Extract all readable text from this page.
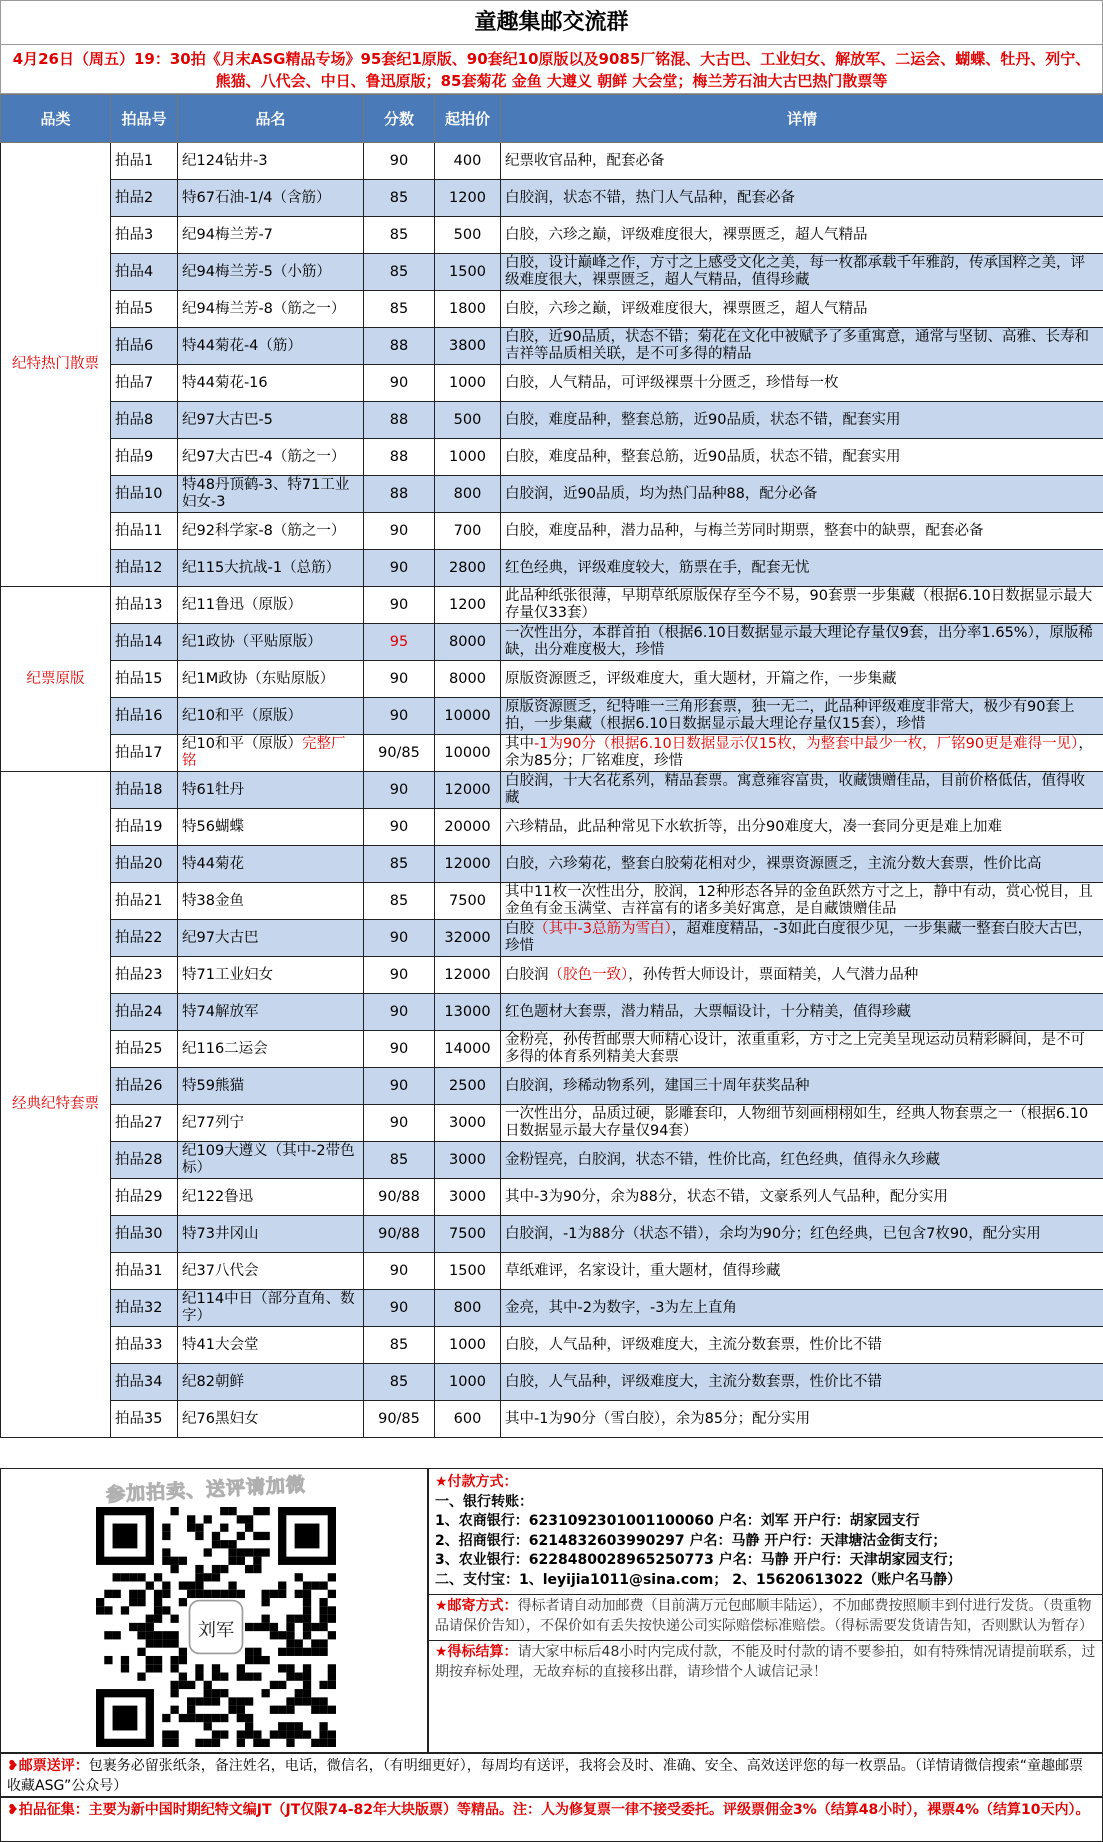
童趣集邮交流群
4月26日（周五）19：30拍《月末ASG精品专场》95套纪1原版、90套纪10原版以及9085厂铭混、大古巴、工业妇女、解放军、二运会、蝴蝶、牡丹、列宁、熊猫、八代会、中日、鲁迅原版；85套菊花 金鱼 大遵义 朝鲜 大会堂；梅兰芳石油大古巴热门散票等
品类	拍品号	品名	分数	起拍价	详情
纪特热门散票	拍品1	纪124钻井-3	90	400	纪票收官品种，配套必备
	拍品2	特67石油-1/4（含筋）	85	1200	白胶润，状态不错，热门人气品种，配套必备
	拍品3	纪94梅兰芳-7	85	500	白胶，六珍之巅，评级难度很大，裸票匮乏，超人气精品
	拍品4	纪94梅兰芳-5（小筋）	85	1500	白胶，设计巅峰之作，方寸之上感受文化之美，每一枚都承载千年雅韵，传承国粹之美，评级难度很大，裸票匮乏，超人气精品，值得珍藏
	拍品5	纪94梅兰芳-8（筋之一）	85	1800	白胶，六珍之巅，评级难度很大，裸票匮乏，超人气精品
	拍品6	特44菊花-4（筋）	88	3800	白胶，近90品质，状态不错；菊花在文化中被赋予了多重寓意，通常与坚韧、高雅、长寿和吉祥等品质相关联，是不可多得的精品
	拍品7	特44菊花-16	90	1000	白胶，人气精品，可评级裸票十分匮乏，珍惜每一枚
	拍品8	纪97大古巴-5	88	500	白胶，难度品种，整套总筋，近90品质，状态不错，配套实用
	拍品9	纪97大古巴-4（筋之一）	88	1000	白胶，难度品种，整套总筋，近90品质，状态不错，配套实用
	拍品10	特48丹顶鹤-3、特71工业妇女-3	88	800	白胶润，近90品质，均为热门品种88，配分必备
	拍品11	纪92科学家-8（筋之一）	90	700	白胶，难度品种，潜力品种，与梅兰芳同时期票，整套中的缺票，配套必备
	拍品12	纪115大抗战-1（总筋）	90	2800	红色经典，评级难度较大，筋票在手，配套无忧
纪票原版	拍品13	纪11鲁迅（原版）	90	1200	此品种纸张很薄，早期草纸原版保存至今不易，90套票一步集藏（根据6.10日数据显示最大存量仅33套）
	拍品14	纪1政协（平贴原版）	95	8000	一次性出分，本群首拍（根据6.10日数据显示最大理论存量仅9套，出分率1.65%），原版稀缺，出分难度极大，珍惜
	拍品15	纪1M政协（东贴原版）	90	8000	原版资源匮乏，评级难度大，重大题材，开篇之作，一步集藏
	拍品16	纪10和平（原版）	90	10000	原版资源匮乏，纪特唯一三角形套票，独一无二，此品种评级难度非常大，极少有90套上拍，一步集藏（根据6.10日数据显示最大理论存量仅15套），珍惜
	拍品17	纪10和平（原版）完整厂铭	90/85	10000	其中-1为90分（根据6.10日数据显示仅15枚，为整套中最少一枚，厂铭90更是难得一见），余为85分；厂铭难度，珍惜
经典纪特套票	拍品18	特61牡丹	90	12000	白胶润，十大名花系列，精品套票。寓意雍容富贵，收藏馈赠佳品，目前价格低估，值得收藏
	拍品19	特56蝴蝶	90	20000	六珍精品，此品种常见下水软折等，出分90难度大，凑一套同分更是难上加难
	拍品20	特44菊花	85	12000	白胶，六珍菊花，整套白胶菊花相对少，裸票资源匮乏，主流分数大套票，性价比高
	拍品21	特38金鱼	85	7500	其中11枚一次性出分，胶润，12种形态各异的金鱼跃然方寸之上，静中有动，赏心悦目，且金鱼有金玉满堂、吉祥富有的诸多美好寓意，是自藏馈赠佳品
	拍品22	纪97大古巴	90	32000	白胶（其中-3总筋为雪白），超难度精品，-3如此白度很少见，一步集藏一整套白胶大古巴，珍惜
	拍品23	特71工业妇女	90	12000	白胶润（胶色一致），孙传哲大师设计，票面精美，人气潜力品种
	拍品24	特74解放军	90	13000	红色题材大套票，潜力精品，大票幅设计，十分精美，值得珍藏
	拍品25	纪116二运会	90	14000	金粉亮，孙传哲邮票大师精心设计，浓重重彩，方寸之上完美呈现运动员精彩瞬间，是不可多得的体育系列精美大套票
	拍品26	特59熊猫	90	2500	白胶润，珍稀动物系列，建国三十周年获奖品种
	拍品27	纪77列宁	90	3000	一次性出分，品质过硬，影雕套印，人物细节刻画栩栩如生，经典人物套票之一（根据6.10日数据显示最大存量仅94套）
	拍品28	纪109大遵义（其中-2带色标）	85	3000	金粉锃亮，白胶润，状态不错，性价比高，红色经典，值得永久珍藏
	拍品29	纪122鲁迅	90/88	3000	其中-3为90分，余为88分，状态不错，文豪系列人气品种，配分实用
	拍品30	特73井冈山	90/88	7500	白胶润，-1为88分（状态不错），余均为90分；红色经典，已包含7枚90，配分实用
	拍品31	纪37八代会	90	1500	草纸难评，名家设计，重大题材，值得珍藏
	拍品32	纪114中日（部分直角、数字）	90	800	金亮，其中-2为数字，-3为左上直角
	拍品33	特41大会堂	85	1000	白胶，人气品种，评级难度大，主流分数套票，性价比不错
	拍品34	纪82朝鲜	85	1000	白胶，人气品种，评级难度大，主流分数套票，性价比不错
	拍品35	纪76黑妇女	90/85	600	其中-1为90分（雪白胶），余为85分；配分实用
参加拍卖、送评请加微
刘军
★付款方式：
一、银行转账：
1、农商银行：6231092301001100060 户名：刘军 开户行：胡家园支行
2、招商银行：6214832603990297 户名：马静 开户行：天津塘沽金街支行；
3、农业银行：6228480028965250773 户名：马静 开户行：天津胡家园支行；
二、支付宝：1、leyijia1011@sina.com； 2、15620613022（账户名马静）
★邮寄方式：得标者请自动加邮费（目前满万元包邮顺丰陆运），不加邮费按照顺丰到付进行发货。（贵重物品请保价告知），不保价如有丢失按快递公司实际赔偿标准赔偿。（得标需要发货请告知，否则默认为暂存）
★得标结算：请大家中标后48小时内完成付款，不能及时付款的请不要参拍，如有特殊情况请提前联系，过期按弃标处理，无故弃标的直接移出群，请珍惜个人诚信记录！
❥邮票送评：包裹务必留张纸条，备注姓名，电话，微信名，（有明细更好），每周均有送评，我将会及时、准确、安全、高效送评您的每一枚票品。（详情请微信搜索“童趣邮票收藏ASG”公众号）
❥拍品征集：主要为新中国时期纪特文编JT（JT仅限74-82年大块版票）等精品。注：人为修复票一律不接受委托。评级票佣金3%（结算48小时），裸票4%（结算10天内）。
